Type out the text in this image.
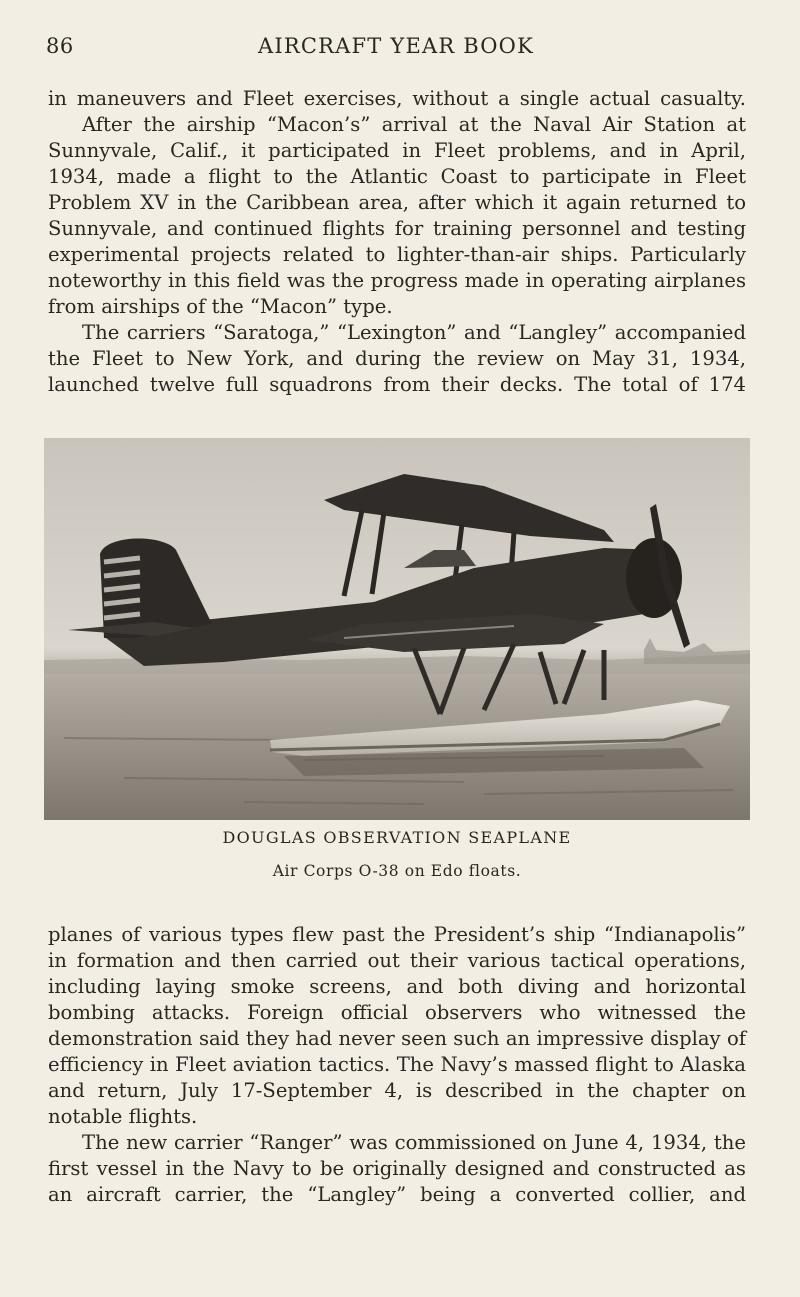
86	AIRCRAFT YEAR BOOK

in maneuvers and Fleet exercises, without a single actual casualty.

After the airship “Macon’s” arrival at the Naval Air Station at Sunnyvale, Calif., it participated in Fleet problems, and in April, 1934, made a flight to the Atlantic Coast to participate in Fleet Problem XV in the Caribbean area, after which it again returned to Sunnyvale, and continued flights for training personnel and testing experimental projects related to lighter-than-air ships. Particularly noteworthy in this field was the progress made in operating airplanes from airships of the “Macon” type.

The carriers “Saratoga,” “Lexington” and “Langley” accompanied the Fleet to New York, and during the review on May 31, 1934, launched twelve full squadrons from their decks. The total of 174

DOUGLAS OBSERVATION SEAPLANE
Air Corps O-38 on Edo floats.

planes of various types flew past the President’s ship “Indianapolis” in formation and then carried out their various tactical operations, including laying smoke screens, and both diving and horizontal bombing attacks. Foreign official observers who witnessed the demonstration said they had never seen such an impressive display of efficiency in Fleet aviation tactics. The Navy’s massed flight to Alaska and return, July 17-September 4, is described in the chapter on notable flights.

The new carrier “Ranger” was commissioned on June 4, 1934, the first vessel in the Navy to be originally designed and constructed as an aircraft carrier, the “Langley” being a converted collier, and
